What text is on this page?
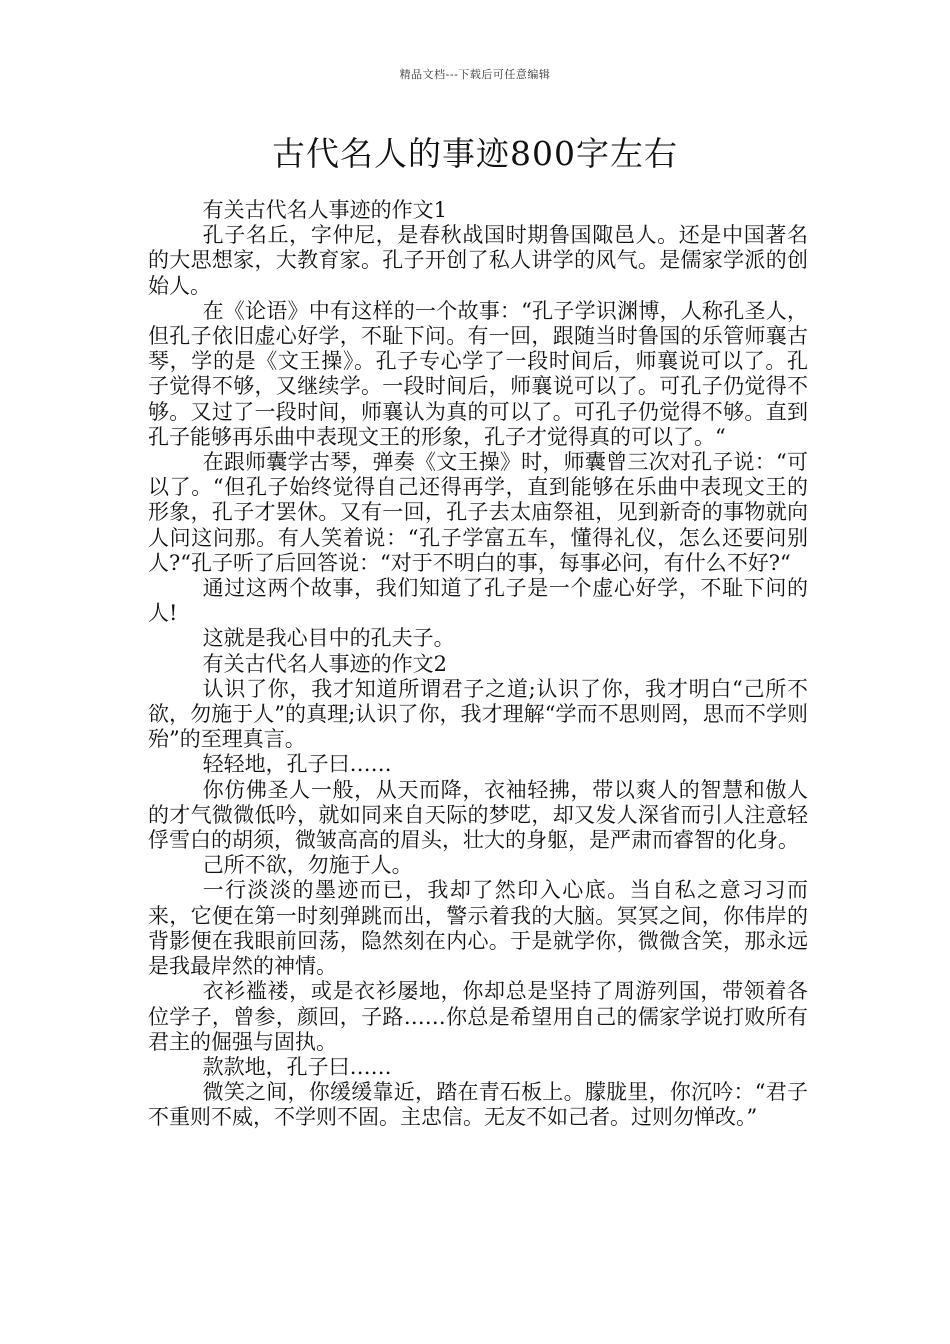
精品文档---下载后可任意编辑
古代名人的事迹800字左右

有关古代名人事迹的作文1

孔子名丘，字仲尼，是春秋战国时期鲁国陬邑人。还是中国著名的大思想家，大教育家。孔子开创了私人讲学的风气。是儒家学派的创始人。

在《论语》中有这样的一个故事：“孔子学识渊博，人称孔圣人，但孔子依旧虚心好学，不耻下问。有一回，跟随当时鲁国的乐管师襄古琴，学的是《文王操》。孔子专心学了一段时间后，师襄说可以了。孔子觉得不够，又继续学。一段时间后，师襄说可以了。可孔子仍觉得不够。又过了一段时间，师襄认为真的可以了。可孔子仍觉得不够。直到孔子能够再乐曲中表现文王的形象，孔子才觉得真的可以了。“

在跟师囊学古琴，弹奏《文王操》时，师囊曾三次对孔子说：“可以了。“但孔子始终觉得自己还得再学，直到能够在乐曲中表现文王的形象，孔子才罢休。又有一回，孔子去太庙祭祖，见到新奇的事物就向人问这问那。有人笑着说：“孔子学富五车，懂得礼仪，怎么还要问别人?“孔子听了后回答说：“对于不明白的事，每事必问，有什么不好?“

通过这两个故事，我们知道了孔子是一个虚心好学，不耻下问的人!

这就是我心目中的孔夫子。

有关古代名人事迹的作文2

认识了你，我才知道所谓君子之道;认识了你，我才明白“己所不欲，勿施于人”的真理;认识了你，我才理解“学而不思则罔，思而不学则殆”的至理真言。

轻轻地，孔子曰……

你仿佛圣人一般，从天而降，衣袖轻拂，带以爽人的智慧和傲人的才气微微低吟，就如同来自天际的梦呓，却又发人深省而引人注意轻俘雪白的胡须，微皱高高的眉头，壮大的身躯，是严肃而睿智的化身。

己所不欲，勿施于人。

一行淡淡的墨迹而已，我却了然印入心底。当自私之意习习而来，它便在第一时刻弹跳而出，警示着我的大脑。冥冥之间，你伟岸的背影便在我眼前回荡，隐然刻在内心。于是就学你，微微含笑，那永远是我最岸然的神情。

衣衫褴褛，或是衣衫屡地，你却总是坚持了周游列国，带领着各位学子，曾参，颜回，子路……你总是希望用自己的儒家学说打败所有君主的倔强与固执。

款款地，孔子曰……

微笑之间，你缓缓靠近，踏在青石板上。朦胧里，你沉吟：“君子不重则不威，不学则不固。主忠信。无友不如己者。过则勿惮改。”
